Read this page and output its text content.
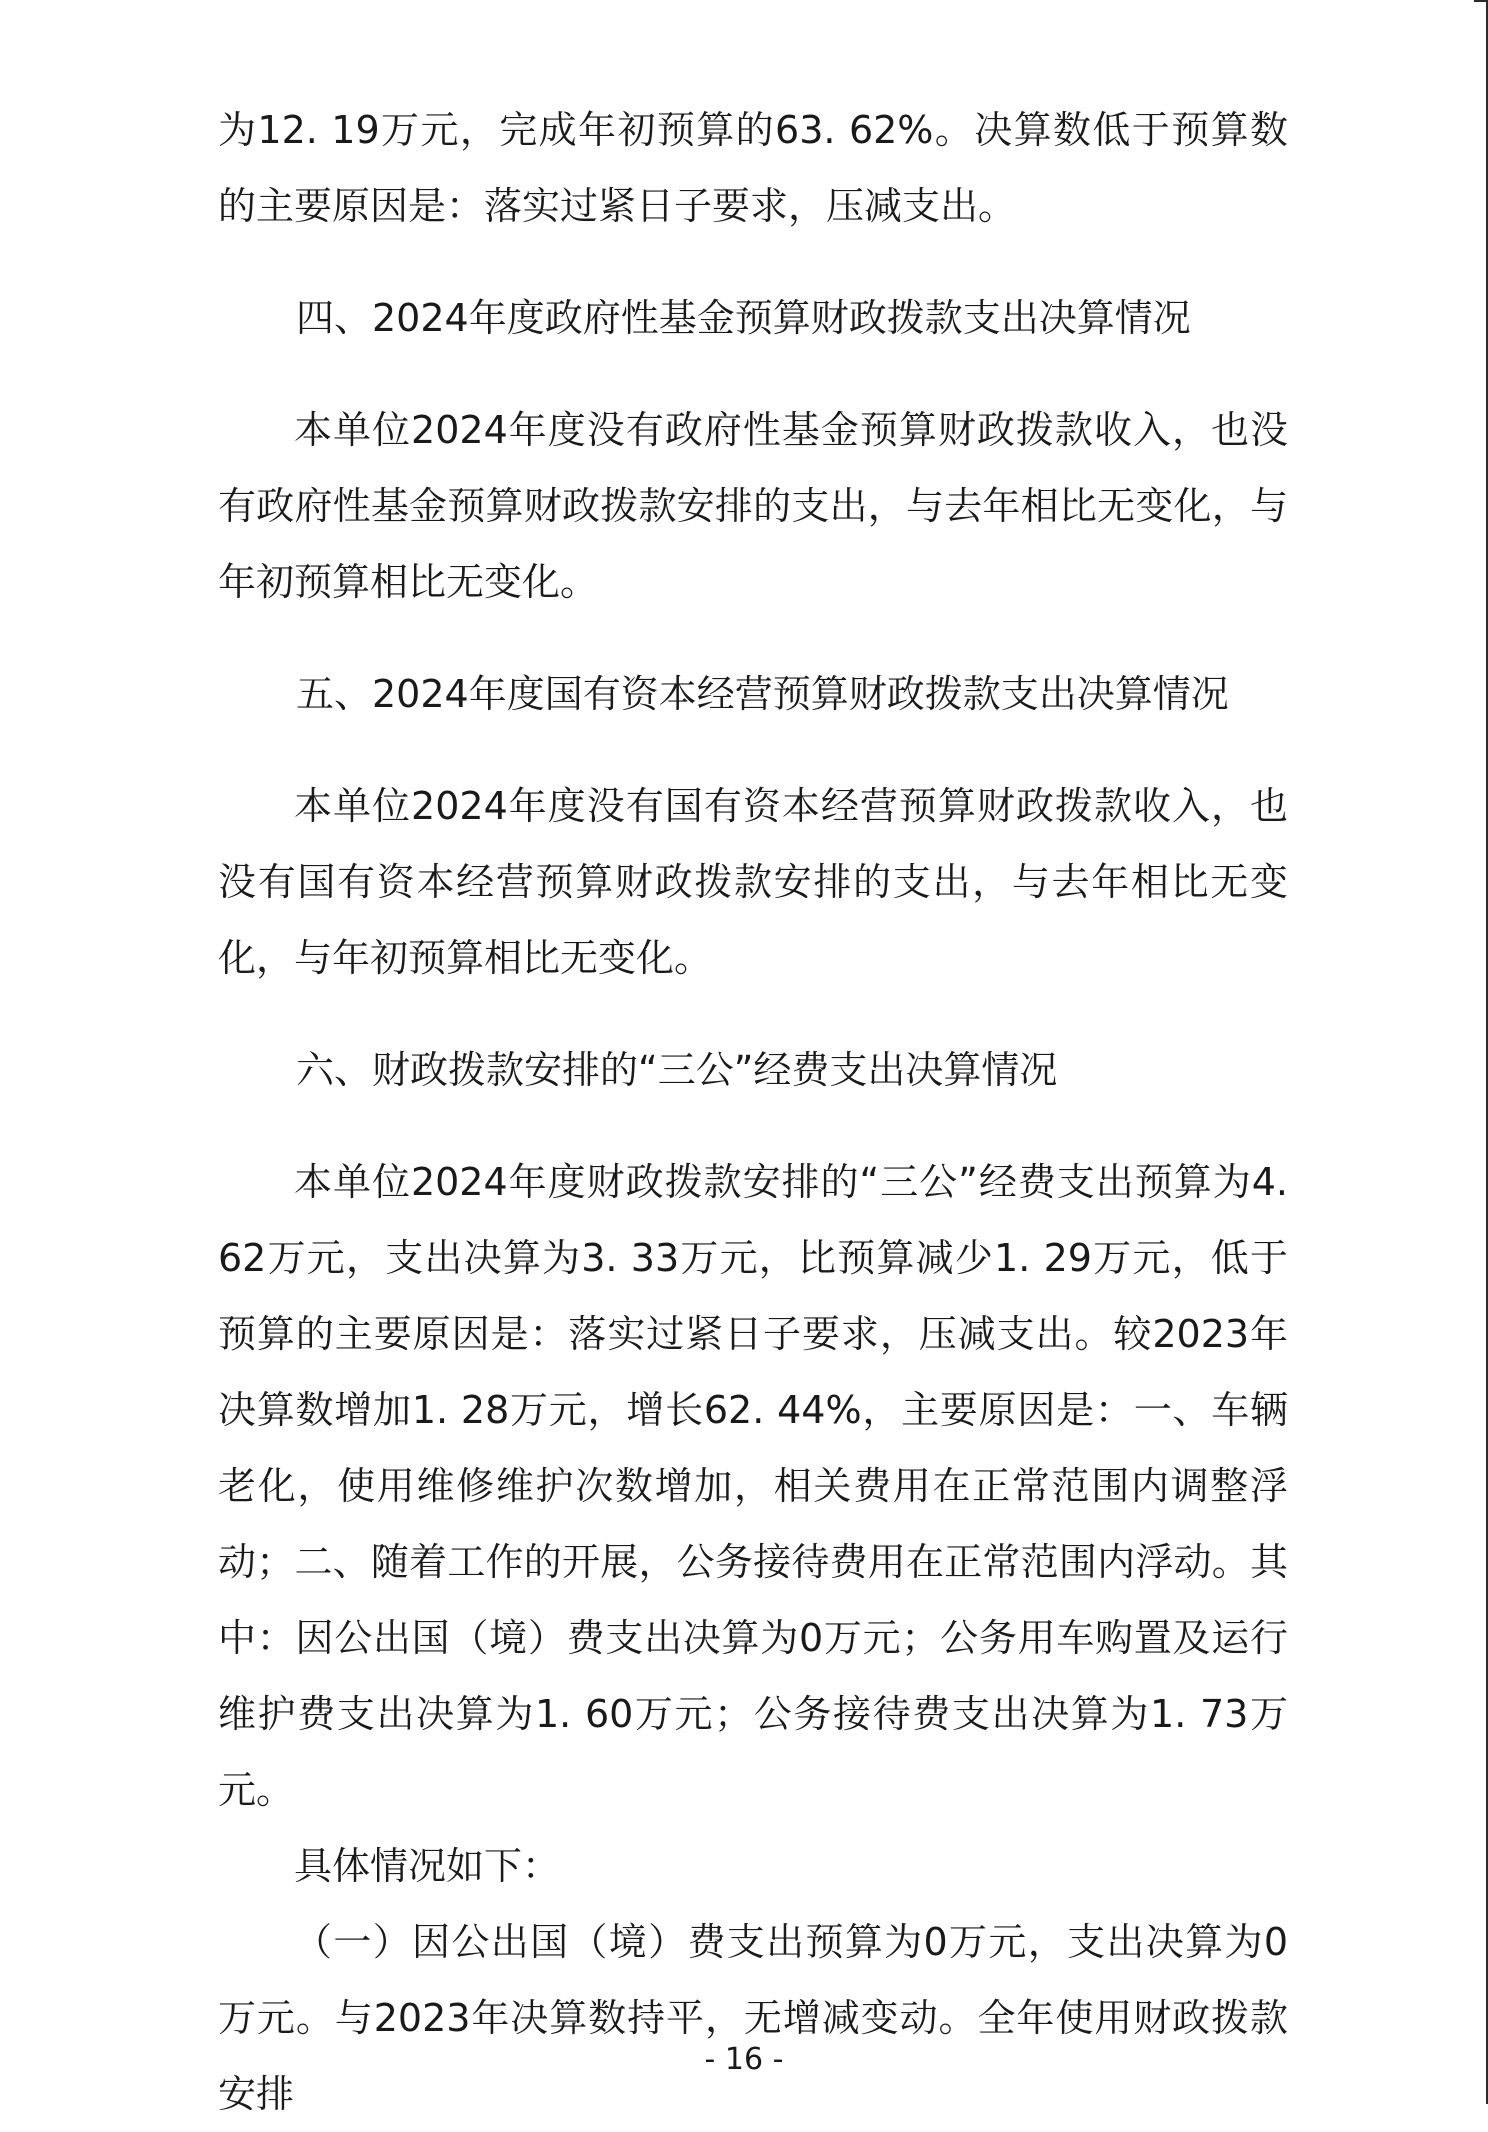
为12. 19万元，完成年初预算的63. 62%。决算数低于预算数的主要原因是：落实过紧日子要求，压减支出。

四、2024年度政府性基金预算财政拨款支出决算情况

本单位2024年度没有政府性基金预算财政拨款收入，也没有政府性基金预算财政拨款安排的支出，与去年相比无变化，与年初预算相比无变化。

五、2024年度国有资本经营预算财政拨款支出决算情况

本单位2024年度没有国有资本经营预算财政拨款收入，也没有国有资本经营预算财政拨款安排的支出，与去年相比无变化，与年初预算相比无变化。

六、财政拨款安排的“三公”经费支出决算情况

本单位2024年度财政拨款安排的“三公”经费支出预算为4. 62万元，支出决算为3. 33万元，比预算减少1. 29万元，低于预算的主要原因是：落实过紧日子要求，压减支出。较2023年决算数增加1. 28万元，增长62. 44%，主要原因是：一、车辆老化，使用维修维护次数增加，相关费用在正常范围内调整浮动；二、随着工作的开展，公务接待费用在正常范围内浮动。其中：因公出国（境）费支出决算为0万元；公务用车购置及运行维护费支出决算为1. 60万元；公务接待费支出决算为1. 73万元。

具体情况如下：

（一）因公出国（境）费支出预算为0万元，支出决算为0万元。与2023年决算数持平，无增减变动。全年使用财政拨款安排

- 16 -
